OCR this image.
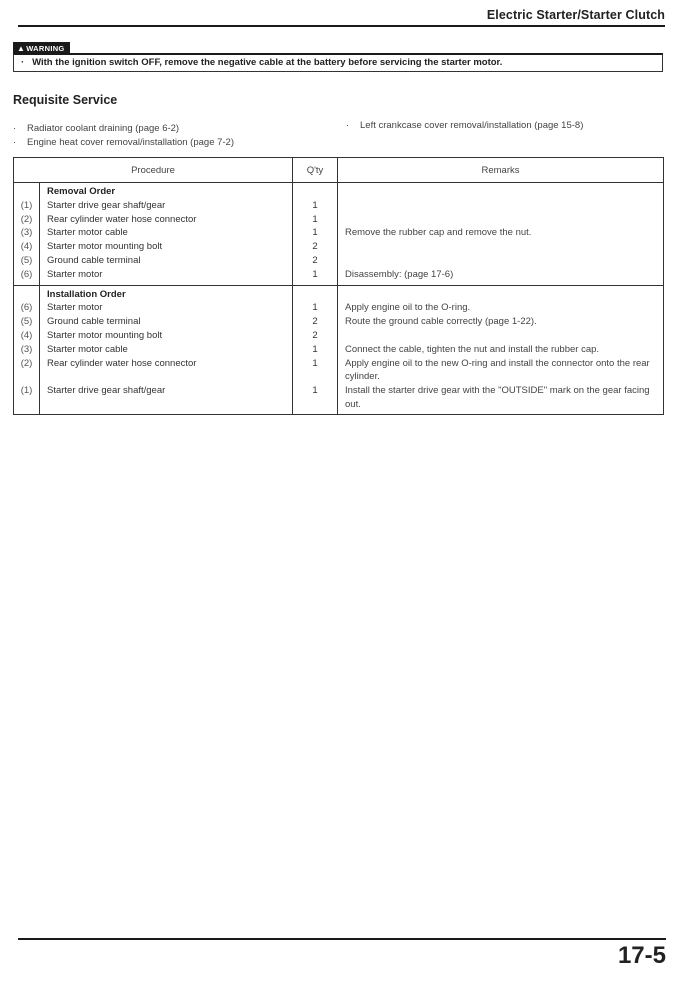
Electric Starter/Starter Clutch
▲WARNING
·   With the ignition switch OFF, remove the negative cable at the battery before servicing the starter motor.
Requisite Service
· Radiator coolant draining (page 6-2)
· Engine heat cover removal/installation (page 7-2)
· Left crankcase cover removal/installation (page 15-8)
Procedure		Q'ty	Remarks
	Removal Order		
(1)	Starter drive gear shaft/gear	1	
(2)	Rear cylinder water hose connector	1	
(3)	Starter motor cable	1	Remove the rubber cap and remove the nut.
(4)	Starter motor mounting bolt	2	
(5)	Ground cable terminal	2	
(6)	Starter motor	1	Disassembly: (page 17-6)
	Installation Order		
(6)	Starter motor	1	Apply engine oil to the O-ring.
(5)	Ground cable terminal	2	Route the ground cable correctly (page 1-22).
(4)	Starter motor mounting bolt	2	
(3)	Starter motor cable	1	Connect the cable, tighten the nut and install the rubber cap.
(2)	Rear cylinder water hose connector	1	Apply engine oil to the new O-ring and install the connector onto the rear cylinder.
(1)	Starter drive gear shaft/gear	1	Install the starter drive gear with the "OUTSIDE" mark on the gear facing out.
17-5
